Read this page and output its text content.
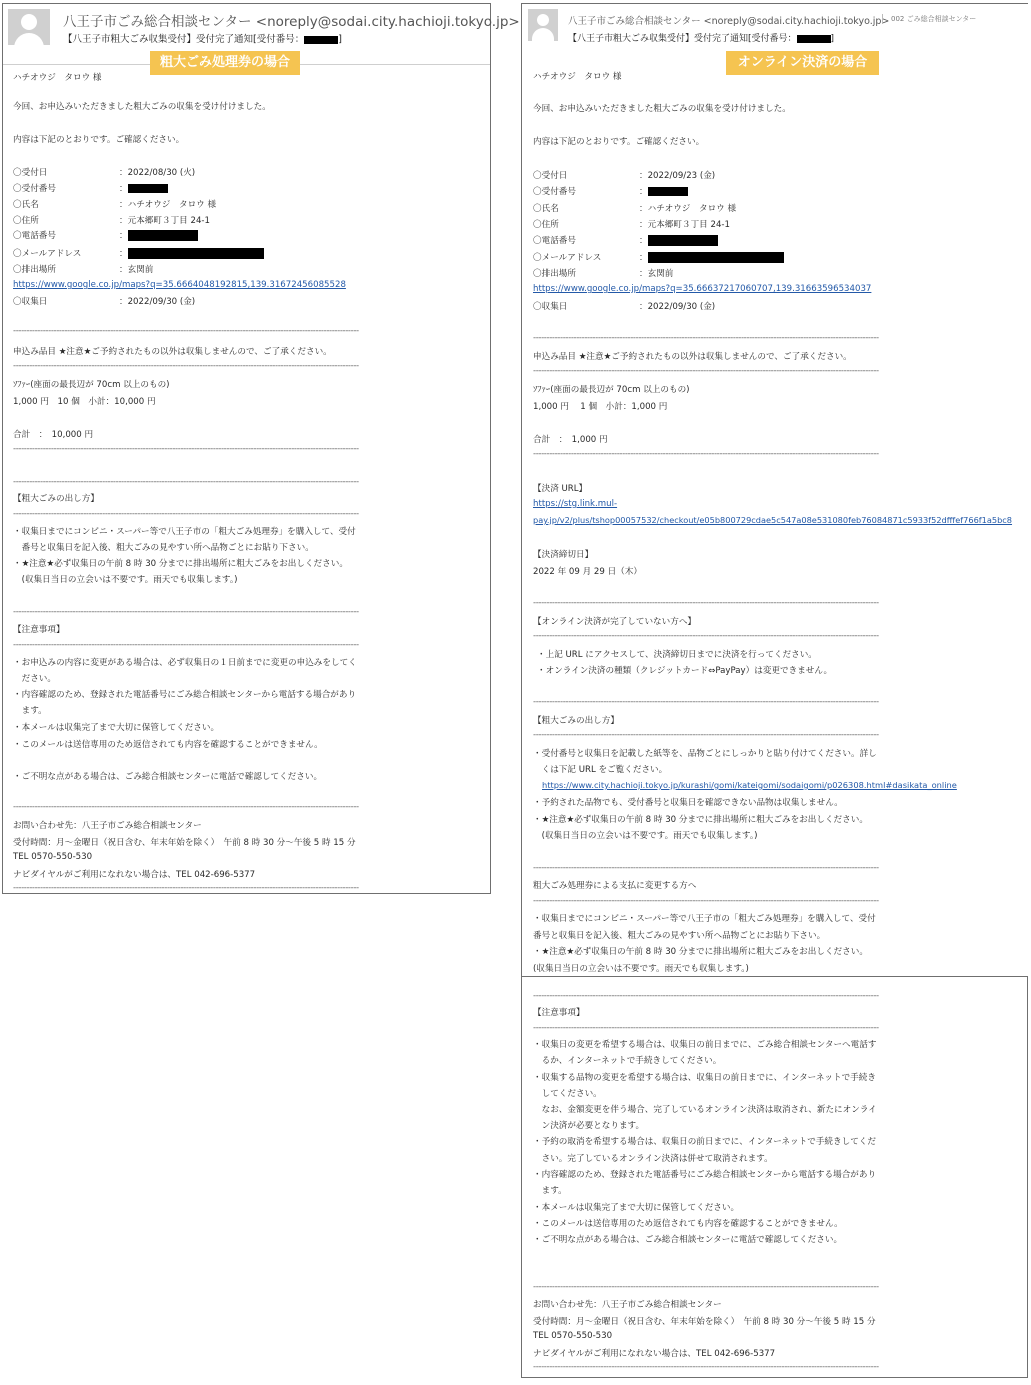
八王子市ごみ総合相談センター <noreply@sodai.city.hachioji.tokyo.jp>
【八王子市粗大ごみ収集受付】受付完了通知[受付番号：	]
粗大ごみ処理券の場合
ハチオウジ　タロウ 様
今回、お申込みいただきました粗大ごみの収集を受け付けました。
内容は下記のとおりです。ご確認ください。
〇受付日	：2022/08/30 (火)
〇受付番号	：
〇氏名	：ハチオウジ　タロウ 様
〇住所	：元本郷町３丁目 24-1
〇電話番号	：
〇メールアドレス	：
〇排出場所	：玄関前
https://www.google.co.jp/maps?q=35.6664048192815,139.31672456085528
〇収集日	：2022/09/30 (金)
--------------------------------------------------------------------------------------------------------------------------------
申込み品目 ★注意★ご予約されたもの以外は収集しませんので、ご了承ください。
--------------------------------------------------------------------------------------------------------------------------------
ｿﾌｧｰ(座面の最長辺が 70cm 以上のもの)
1,000 円　10 個　小計：10,000 円
合計　：　10,000 円
--------------------------------------------------------------------------------------------------------------------------------
--------------------------------------------------------------------------------------------------------------------------------
【粗大ごみの出し方】
--------------------------------------------------------------------------------------------------------------------------------
・収集日までにコンビニ・スーパー等で八王子市の「粗大ごみ処理券」を購入して、受付
　番号と収集日を記入後、粗大ごみの見やすい所へ品物ごとにお貼り下さい。
・★注意★必ず収集日の午前 8 時 30 分までに排出場所に粗大ごみをお出しください。
　(収集日当日の立会いは不要です。雨天でも収集します。)
--------------------------------------------------------------------------------------------------------------------------------
【注意事項】
--------------------------------------------------------------------------------------------------------------------------------
・お申込みの内容に変更がある場合は、必ず収集日の１日前までに変更の申込みをしてく
　ださい。
・内容確認のため、登録された電話番号にごみ総合相談センターから電話する場合があり
　ます。
・本メールは収集完了まで大切に保管してください。
・このメールは送信専用のため返信されても内容を確認することができません。
・ご不明な点がある場合は、ごみ総合相談センターに電話で確認してください。
--------------------------------------------------------------------------------------------------------------------------------
お問い合わせ先：八王子市ごみ総合相談センター
受付時間：月～金曜日（祝日含む、年末年始を除く）　午前 8 時 30 分～午後 5 時 15 分
TEL 0570-550-530
ナビダイヤルがご利用になれない場合は、TEL 042-696-5377
--------------------------------------------------------------------------------------------------------------------------------
八王子市ごみ総合相談センター <noreply@sodai.city.hachioji.tokyo.jp> 002 ごみ総合相談センター
【八王子市粗大ごみ収集受付】受付完了通知[受付番号：	]
オンライン決済の場合
ハチオウジ　タロウ 様
今回、お申込みいただきました粗大ごみの収集を受け付けました。
内容は下記のとおりです。ご確認ください。
〇受付日	：2022/09/23 (金)
〇受付番号	：
〇氏名	：ハチオウジ　タロウ 様
〇住所	：元本郷町３丁目 24-1
〇電話番号	：
〇メールアドレス	：
〇排出場所	：玄関前
https://www.google.co.jp/maps?q=35.66637217060707,139.31663596534037
〇収集日	：2022/09/30 (金)
--------------------------------------------------------------------------------------------------------------------------------
申込み品目 ★注意★ご予約されたもの以外は収集しませんので、ご了承ください。
--------------------------------------------------------------------------------------------------------------------------------
ｿﾌｧｰ(座面の最長辺が 70cm 以上のもの)
1,000 円　 1 個　小計：1,000 円
合計　：　1,000 円
--------------------------------------------------------------------------------------------------------------------------------
【決済 URL】
https://stg.link.mul-
pay.jp/v2/plus/tshop00057532/checkout/e05b800729cdae5c547a08e531080feb76084871c5933f52dfffef766f1a5bc8
【決済締切日】
2022 年 09 月 29 日（木）
--------------------------------------------------------------------------------------------------------------------------------
【オンライン決済が完了していない方へ】
--------------------------------------------------------------------------------------------------------------------------------
・上記 URL にアクセスして、決済締切日までに決済を行ってください。
・オンライン決済の種類（クレジットカード⇔PayPay）は変更できません。
--------------------------------------------------------------------------------------------------------------------------------
【粗大ごみの出し方】
--------------------------------------------------------------------------------------------------------------------------------
・受付番号と収集日を記載した紙等を、品物ごとにしっかりと貼り付けてください。詳し
　くは下記 URL をご覧ください。
https://www.city.hachioji.tokyo.jp/kurashi/gomi/kateigomi/sodaigomi/p026308.html#dasikata_online
・予約された品物でも、受付番号と収集日を確認できない品物は収集しません。
・★注意★必ず収集日の午前 8 時 30 分までに排出場所に粗大ごみをお出しください。
　(収集日当日の立会いは不要です。雨天でも収集します。)
--------------------------------------------------------------------------------------------------------------------------------
粗大ごみ処理券による支払に変更する方へ
--------------------------------------------------------------------------------------------------------------------------------
・収集日までにコンビニ・スーパー等で八王子市の「粗大ごみ処理券」を購入して、受付
番号と収集日を記入後、粗大ごみの見やすい所へ品物ごとにお貼り下さい。
・★注意★必ず収集日の午前 8 時 30 分までに排出場所に粗大ごみをお出しください。
(収集日当日の立会いは不要です。雨天でも収集します。)
--------------------------------------------------------------------------------------------------------------------------------
【注意事項】
--------------------------------------------------------------------------------------------------------------------------------
・収集日の変更を希望する場合は、収集日の前日までに、ごみ総合相談センターへ電話す
　るか、インターネットで手続きしてください。
・収集する品物の変更を希望する場合は、収集日の前日までに、インターネットで手続き
　してください。
　なお、金額変更を伴う場合、完了しているオンライン決済は取消され、新たにオンライ
　ン決済が必要となります。
・予約の取消を希望する場合は、収集日の前日までに、インターネットで手続きしてくだ
　さい。完了しているオンライン決済は併せて取消されます。
・内容確認のため、登録された電話番号にごみ総合相談センターから電話する場合があり
　ます。
・本メールは収集完了まで大切に保管してください。
・このメールは送信専用のため返信されても内容を確認することができません。
・ご不明な点がある場合は、ごみ総合相談センターに電話で確認してください。
--------------------------------------------------------------------------------------------------------------------------------
お問い合わせ先：八王子市ごみ総合相談センター
受付時間：月～金曜日（祝日含む、年末年始を除く）　午前 8 時 30 分～午後 5 時 15 分
TEL 0570-550-530
ナビダイヤルがご利用になれない場合は、TEL 042-696-5377
--------------------------------------------------------------------------------------------------------------------------------
